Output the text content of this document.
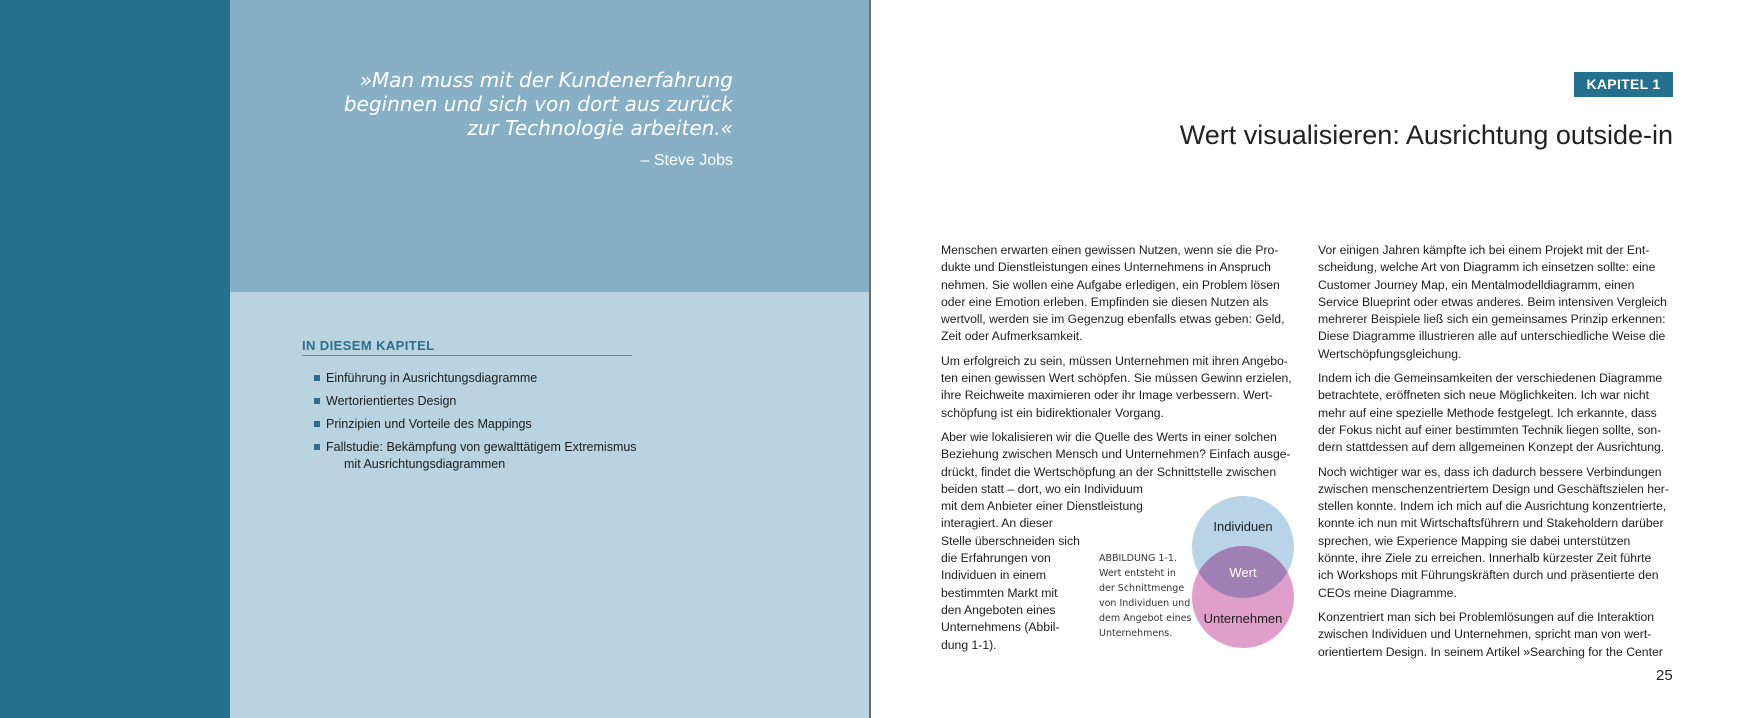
»Man muss mit der Kundenerfahrung
beginnen und sich von dort aus zurück
zur Technologie arbeiten.«
– Steve Jobs
IN DIESEM KAPITEL
Einführung in Ausrichtungsdiagramme
Wertorientiertes Design
Prinzipien und Vorteile des Mappings
Fallstudie: Bekämpfung von gewalttätigem Extremismus
mit Ausrichtungsdiagrammen
KAPITEL 1
Wert visualisieren: Ausrichtung outside-in

Menschen erwarten einen gewissen Nutzen, wenn sie die Pro-
dukte und Dienstleistungen eines Unternehmens in Anspruch
nehmen. Sie wollen eine Aufgabe erledigen, ein Problem lösen
oder eine Emotion erleben. Empfinden sie diesen Nutzen als
wertvoll, werden sie im Gegenzug ebenfalls etwas geben: Geld,
Zeit oder Aufmerksamkeit.

Um erfolgreich zu sein, müssen Unternehmen mit ihren Angebo-
ten einen gewissen Wert schöpfen. Sie müssen Gewinn erzielen,
ihre Reichweite maximieren oder ihr Image verbessern. Wert-
schöpfung ist ein bidirektionaler Vorgang.

Aber wie lokalisieren wir die Quelle des Werts in einer solchen
Beziehung zwischen Mensch und Unternehmen? Einfach ausge-
drückt, findet die Wertschöpfung an der Schnittstelle zwischen
beiden statt – dort, wo ein Individuum
mit dem Anbieter einer Dienstleistung
interagiert. An dieser
Stelle überschneiden sich
die Erfahrungen von
Individuen in einem
bestimmten Markt mit
den Angeboten eines
Unternehmens (Abbil-
dung 1-1).

Vor einigen Jahren kämpfte ich bei einem Projekt mit der Ent-
scheidung, welche Art von Diagramm ich einsetzen sollte: eine
Customer Journey Map, ein Mentalmodelldiagramm, einen
Service Blueprint oder etwas anderes. Beim intensiven Vergleich
mehrerer Beispiele ließ sich ein gemeinsames Prinzip erkennen:
Diese Diagramme illustrieren alle auf unterschiedliche Weise die
Wertschöpfungsgleichung.

Indem ich die Gemeinsamkeiten der verschiedenen Diagramme
betrachtete, eröffneten sich neue Möglichkeiten. Ich war nicht
mehr auf eine spezielle Methode festgelegt. Ich erkannte, dass
der Fokus nicht auf einer bestimmten Technik liegen sollte, son-
dern stattdessen auf dem allgemeinen Konzept der Ausrichtung.

Noch wichtiger war es, dass ich dadurch bessere Verbindungen
zwischen menschenzentriertem Design und Geschäftszielen her-
stellen konnte. Indem ich mich auf die Ausrichtung konzentrierte,
konnte ich nun mit Wirtschaftsführern und Stakeholdern darüber
sprechen, wie Experience Mapping sie dabei unterstützen
könnte, ihre Ziele zu erreichen. Innerhalb kürzester Zeit führte
ich Workshops mit Führungskräften durch und präsentierte den
CEOs meine Diagramme.

Konzentriert man sich bei Problemlösungen auf die Interaktion
zwischen Individuen und Unternehmen, spricht man von wert-
orientiertem Design. In seinem Artikel »Searching for the Center

ABBILDUNG 1-1.
Wert entsteht in
der Schnittmenge
von Individuen und
dem Angebot eines
Unternehmens.
Individuen
Wert
Unternehmen
25
